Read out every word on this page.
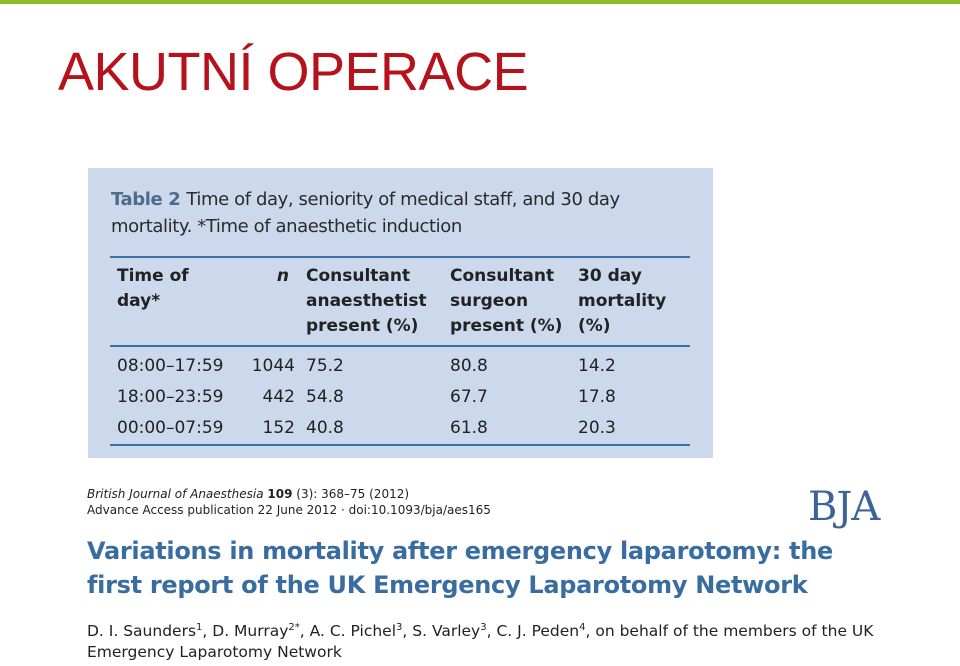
AKUTNÍ OPERACE
Table 2 Time of day, seniority of medical staff, and 30 day mortality. *Time of anaesthetic induction
Time of day*	n	Consultant anaesthetist present (%)	Consultant surgeon present (%)	30 day mortality (%)
08:00–17:59	1044	75.2	80.8	14.2
18:00–23:59	442	54.8	67.7	17.8
00:00–07:59	152	40.8	61.8	20.3
British Journal of Anaesthesia 109 (3): 368–75 (2012)
Advance Access publication 22 June 2012 · doi:10.1093/bja/aes165	BJA
Variations in mortality after emergency laparotomy: the first report of the UK Emergency Laparotomy Network
D. I. Saunders$^1$, D. Murray$^{2*}$, A. C. Pichel$^3$, S. Varley$^3$, C. J. Peden$^4$, on behalf of the members of the UK Emergency Laparotomy Network
